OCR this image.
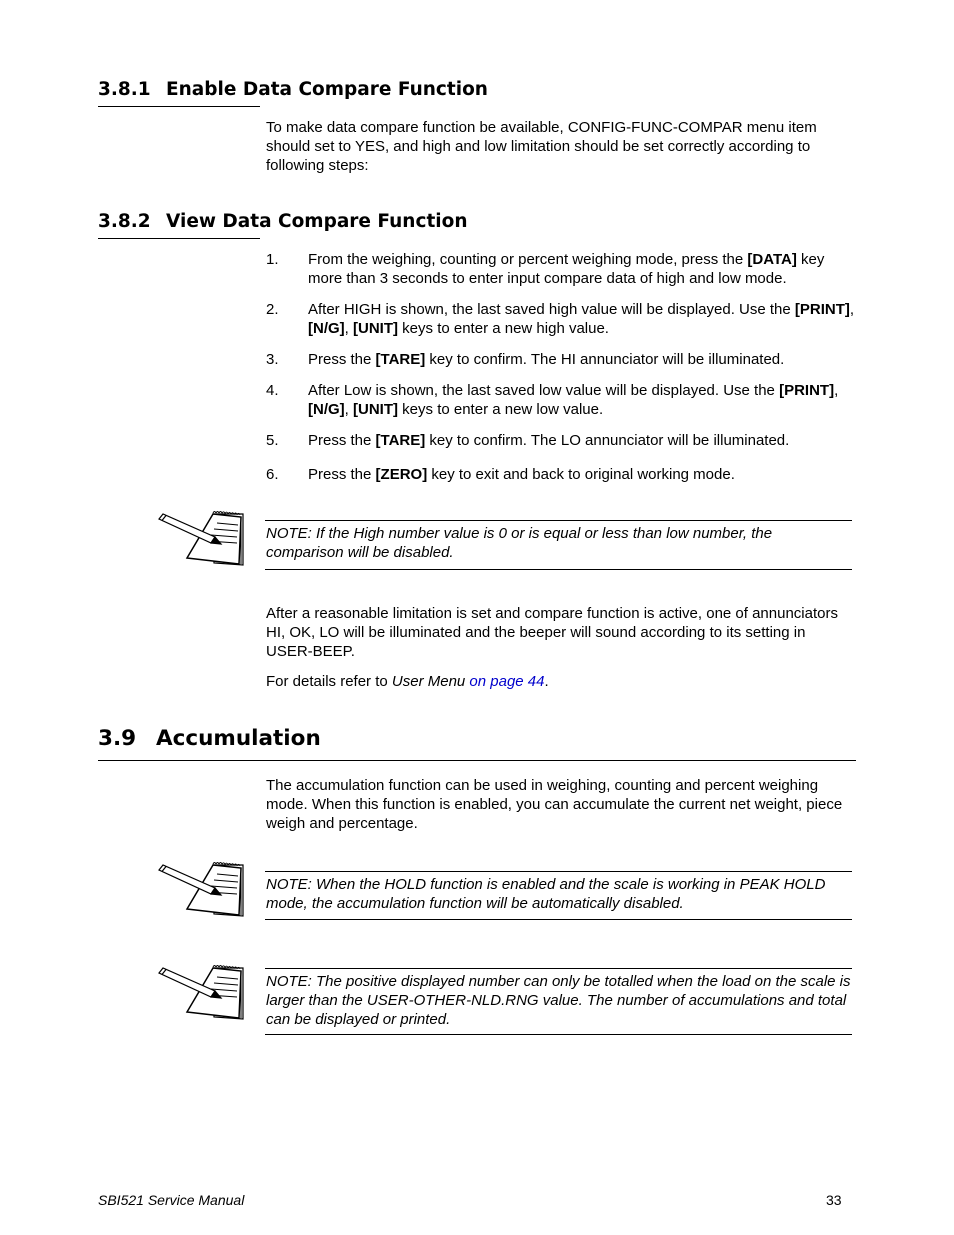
3.8.1 Enable Data Compare Function
To make data compare function be available, CONFIG-FUNC-COMPAR menu item should set to YES, and high and low limitation should be set correctly according to following steps:
3.8.2 View Data Compare Function
1. From the weighing, counting or percent weighing mode, press the [DATA] key more than 3 seconds to enter input compare data of high and low mode.
2. After HIGH is shown, the last saved high value will be displayed. Use the [PRINT], [N/G], [UNIT] keys to enter a new high value.
3. Press the [TARE] key to confirm. The HI annunciator will be illuminated.
4. After Low is shown, the last saved low value will be displayed. Use the [PRINT], [N/G], [UNIT] keys to enter a new low value.
5. Press the [TARE] key to confirm. The LO annunciator will be illuminated.
6. Press the [ZERO] key to exit and back to original working mode.
NOTE: If the High number value is 0 or is equal or less than low number, the comparison will be disabled.
After a reasonable limitation is set and compare function is active, one of annunciators HI, OK, LO will be illuminated and the beeper will sound according to its setting in USER-BEEP.
For details refer to User Menu on page 44.
3.9 Accumulation
The accumulation function can be used in weighing, counting and percent weighing mode. When this function is enabled, you can accumulate the current net weight, piece weigh and percentage.
NOTE: When the HOLD function is enabled and the scale is working in PEAK HOLD mode, the accumulation function will be automatically disabled.
NOTE: The positive displayed number can only be totalled when the load on the scale is larger than the USER-OTHER-NLD.RNG value. The number of accumulations and total can be displayed or printed.
SBI521 Service Manual	33
